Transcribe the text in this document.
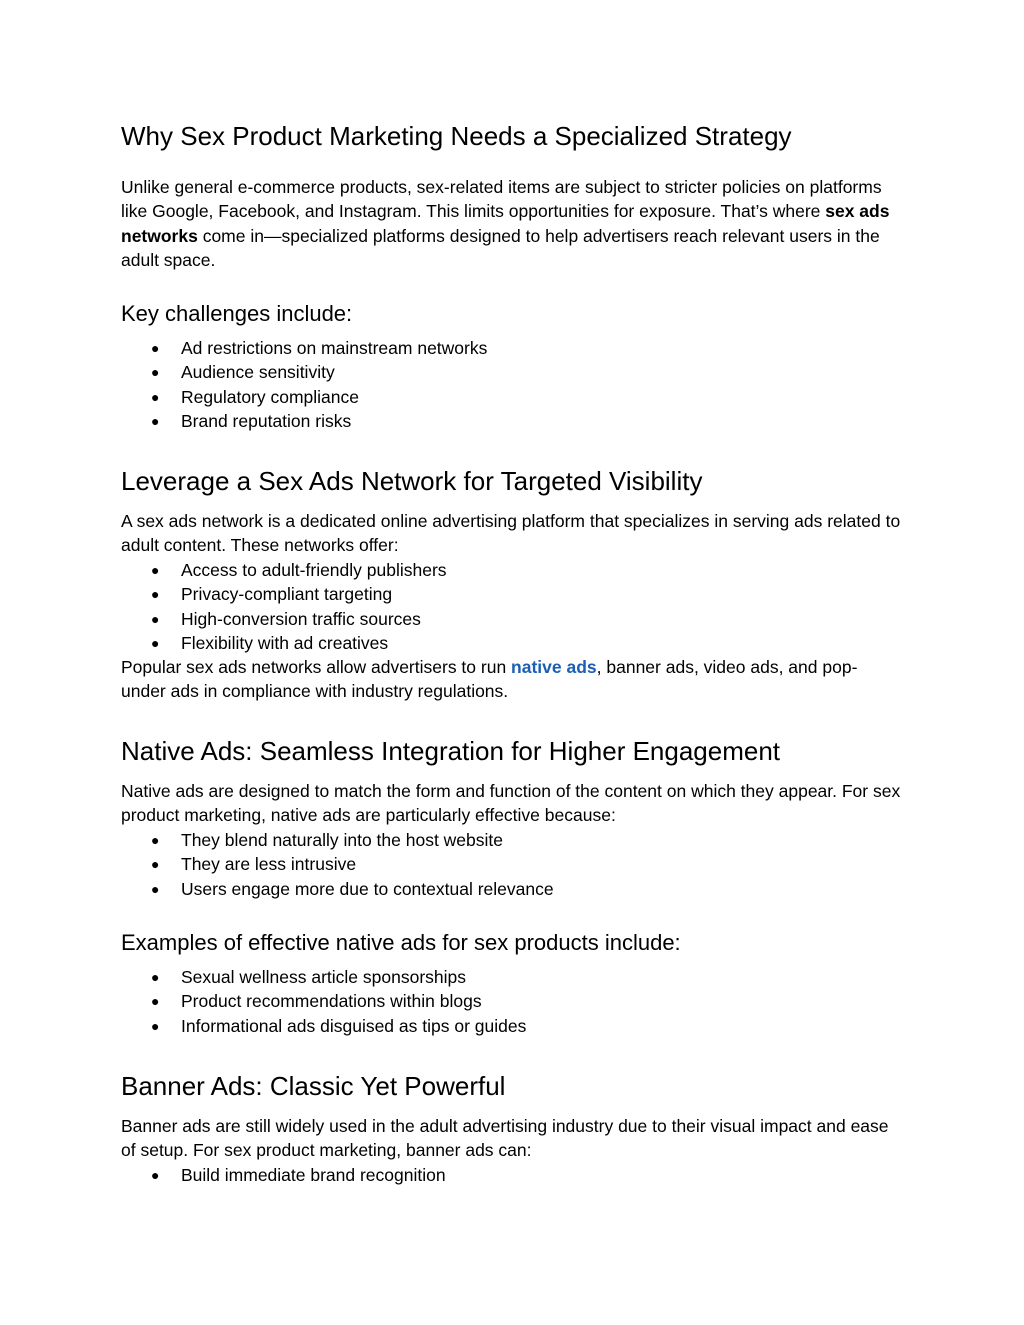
Why Sex Product Marketing Needs a Specialized Strategy

Unlike general e-commerce products, sex-related items are subject to stricter policies on platforms like Google, Facebook, and Instagram. This limits opportunities for exposure. That’s where sex ads networks come in—specialized platforms designed to help advertisers reach relevant users in the adult space.

Key challenges include:
● Ad restrictions on mainstream networks
● Audience sensitivity
● Regulatory compliance
● Brand reputation risks
Leverage a Sex Ads Network for Targeted Visibility

A sex ads network is a dedicated online advertising platform that specializes in serving ads related to adult content. These networks offer:

● Access to adult-friendly publishers
● Privacy-compliant targeting
● High-conversion traffic sources
● Flexibility with ad creatives

Popular sex ads networks allow advertisers to run native ads, banner ads, video ads, and pop-under ads in compliance with industry regulations.

Native Ads: Seamless Integration for Higher Engagement

Native ads are designed to match the form and function of the content on which they appear. For sex product marketing, native ads are particularly effective because:

● They blend naturally into the host website
● They are less intrusive
● Users engage more due to contextual relevance
Examples of effective native ads for sex products include:
● Sexual wellness article sponsorships
● Product recommendations within blogs
● Informational ads disguised as tips or guides
Banner Ads: Classic Yet Powerful

Banner ads are still widely used in the adult advertising industry due to their visual impact and ease of setup. For sex product marketing, banner ads can:

● Build immediate brand recognition
